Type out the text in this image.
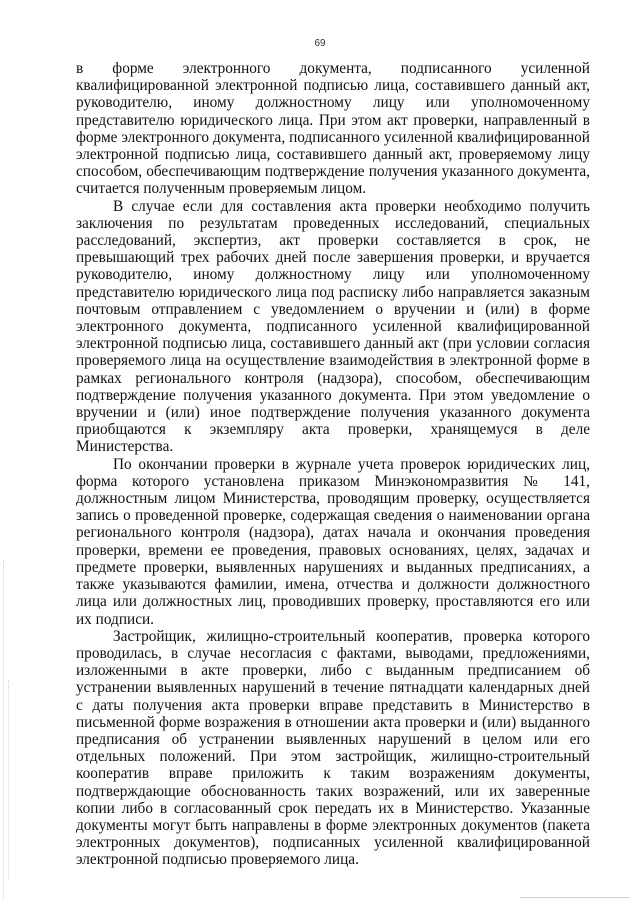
69

в форме электронного документа, подписанного усиленной квалифицированной электронной подписью лица, составившего данный акт, руководителю, иному должностному лицу или уполномоченному представителю юридического лица. При этом акт проверки, направленный в форме электронного документа, подписанного усиленной квалифицированной электронной подписью лица, составившего данный акт, проверяемому лицу способом, обеспечивающим подтверждение получения указанного документа, считается полученным проверяемым лицом.

В случае если для составления акта проверки необходимо получить заключения по результатам проведенных исследований, специальных расследований, экспертиз, акт проверки составляется в срок, не превышающий трех рабочих дней после завершения проверки, и вручается руководителю, иному должностному лицу или уполномоченному представителю юридического лица под расписку либо направляется заказным почтовым отправлением с уведомлением о вручении и (или) в форме электронного документа, подписанного усиленной квалифицированной электронной подписью лица, составившего данный акт (при условии согласия проверяемого лица на осуществление взаимодействия в электронной форме в рамках регионального контроля (надзора), способом, обеспечивающим подтверждение получения указанного документа. При этом уведомление о вручении и (или) иное подтверждение получения указанного документа приобщаются к экземпляру акта проверки, хранящемуся в деле Министерства.

По окончании проверки в журнале учета проверок юридических лиц, форма которого установлена приказом Минэкономразвития № 141, должностным лицом Министерства, проводящим проверку, осуществляется запись о проведенной проверке, содержащая сведения о наименовании органа регионального контроля (надзора), датах начала и окончания проведения проверки, времени ее проведения, правовых основаниях, целях, задачах и предмете проверки, выявленных нарушениях и выданных предписаниях, а также указываются фамилии, имена, отчества и должности должностного лица или должностных лиц, проводивших проверку, проставляются его или их подписи.

Застройщик, жилищно-строительный кооператив, проверка которого проводилась, в случае несогласия с фактами, выводами, предложениями, изложенными в акте проверки, либо с выданным предписанием об устранении выявленных нарушений в течение пятнадцати календарных дней с даты получения акта проверки вправе представить в Министерство в письменной форме возражения в отношении акта проверки и (или) выданного предписания об устранении выявленных нарушений в целом или его отдельных положений. При этом застройщик, жилищно-строительный кооператив вправе приложить к таким возражениям документы, подтверждающие обоснованность таких возражений, или их заверенные копии либо в согласованный срок передать их в Министерство. Указанные документы могут быть направлены в форме электронных документов (пакета электронных документов), подписанных усиленной квалифицированной электронной подписью проверяемого лица.
